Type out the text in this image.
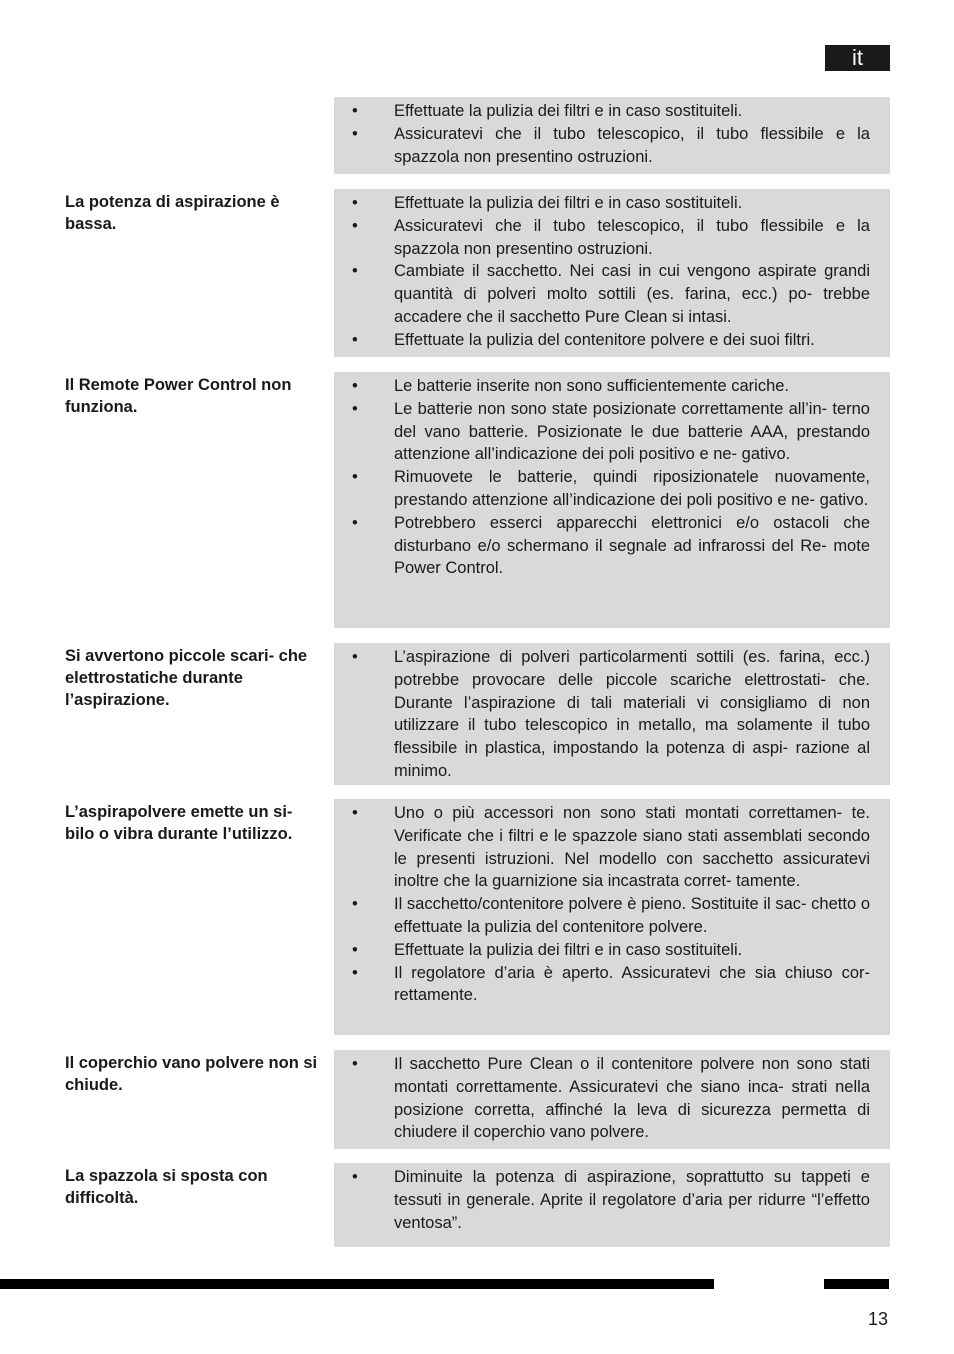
it
• Effettuate la pulizia dei filtri e in caso sostituiteli.
• Assicuratevi che il tubo telescopico, il tubo flessibile e la spazzola non presentino ostruzioni.
La potenza di aspirazione è bassa.
• Effettuate la pulizia dei filtri e in caso sostituiteli.
• Assicuratevi che il tubo telescopico, il tubo flessibile e la spazzola non presentino ostruzioni.
• Cambiate il sacchetto. Nei casi in cui vengono aspirate grandi quantità di polveri molto sottili (es. farina, ecc.) po- trebbe accadere che il sacchetto Pure Clean si intasi.
• Effettuate la pulizia del contenitore polvere e dei suoi filtri.
Il Remote Power Control non funziona.
• Le batterie inserite non sono sufficientemente cariche.
• Le batterie non sono state posizionate correttamente all’in- terno del vano batterie. Posizionate le due batterie AAA, prestando attenzione all’indicazione dei poli positivo e ne- gativo.
• Rimuovete le batterie, quindi riposizionatele nuovamente, prestando attenzione all’indicazione dei poli positivo e ne- gativo.
• Potrebbero esserci apparecchi elettronici e/o ostacoli che disturbano e/o schermano il segnale ad infrarossi del Re- mote Power Control.
Si avvertono piccole scari- che elettrostatiche durante l’aspirazione.
• L’aspirazione di polveri particolarmenti sottili (es. farina, ecc.) potrebbe provocare delle piccole scariche elettrostati- che. Durante l’aspirazione di tali materiali vi consigliamo di non utilizzare il tubo telescopico in metallo, ma solamente il tubo flessibile in plastica, impostando la potenza di aspi- razione al minimo.
L’aspirapolvere emette un si- bilo o vibra durante l’utilizzo.
• Uno o più accessori non sono stati montati correttamen- te. Verificate che i filtri e le spazzole siano stati assemblati secondo le presenti istruzioni. Nel modello con sacchetto assicuratevi inoltre che la guarnizione sia incastrata corret- tamente.
• Il sacchetto/contenitore polvere è pieno. Sostituite il sac- chetto o effettuate la pulizia del contenitore polvere.
• Effettuate la pulizia dei filtri e in caso sostituiteli.
• Il regolatore d’aria è aperto. Assicuratevi che sia chiuso cor- rettamente.
Il coperchio vano polvere non si chiude.
• Il sacchetto Pure Clean o il contenitore polvere non sono stati montati correttamente. Assicuratevi che siano inca- strati nella posizione corretta, affinché la leva di sicurezza permetta di chiudere il coperchio vano polvere.
La spazzola si sposta con difficoltà.
• Diminuite la potenza di aspirazione, soprattutto su tappeti e tessuti in generale. Aprite il regolatore d’aria per ridurre “l’effetto ventosa”.
13
